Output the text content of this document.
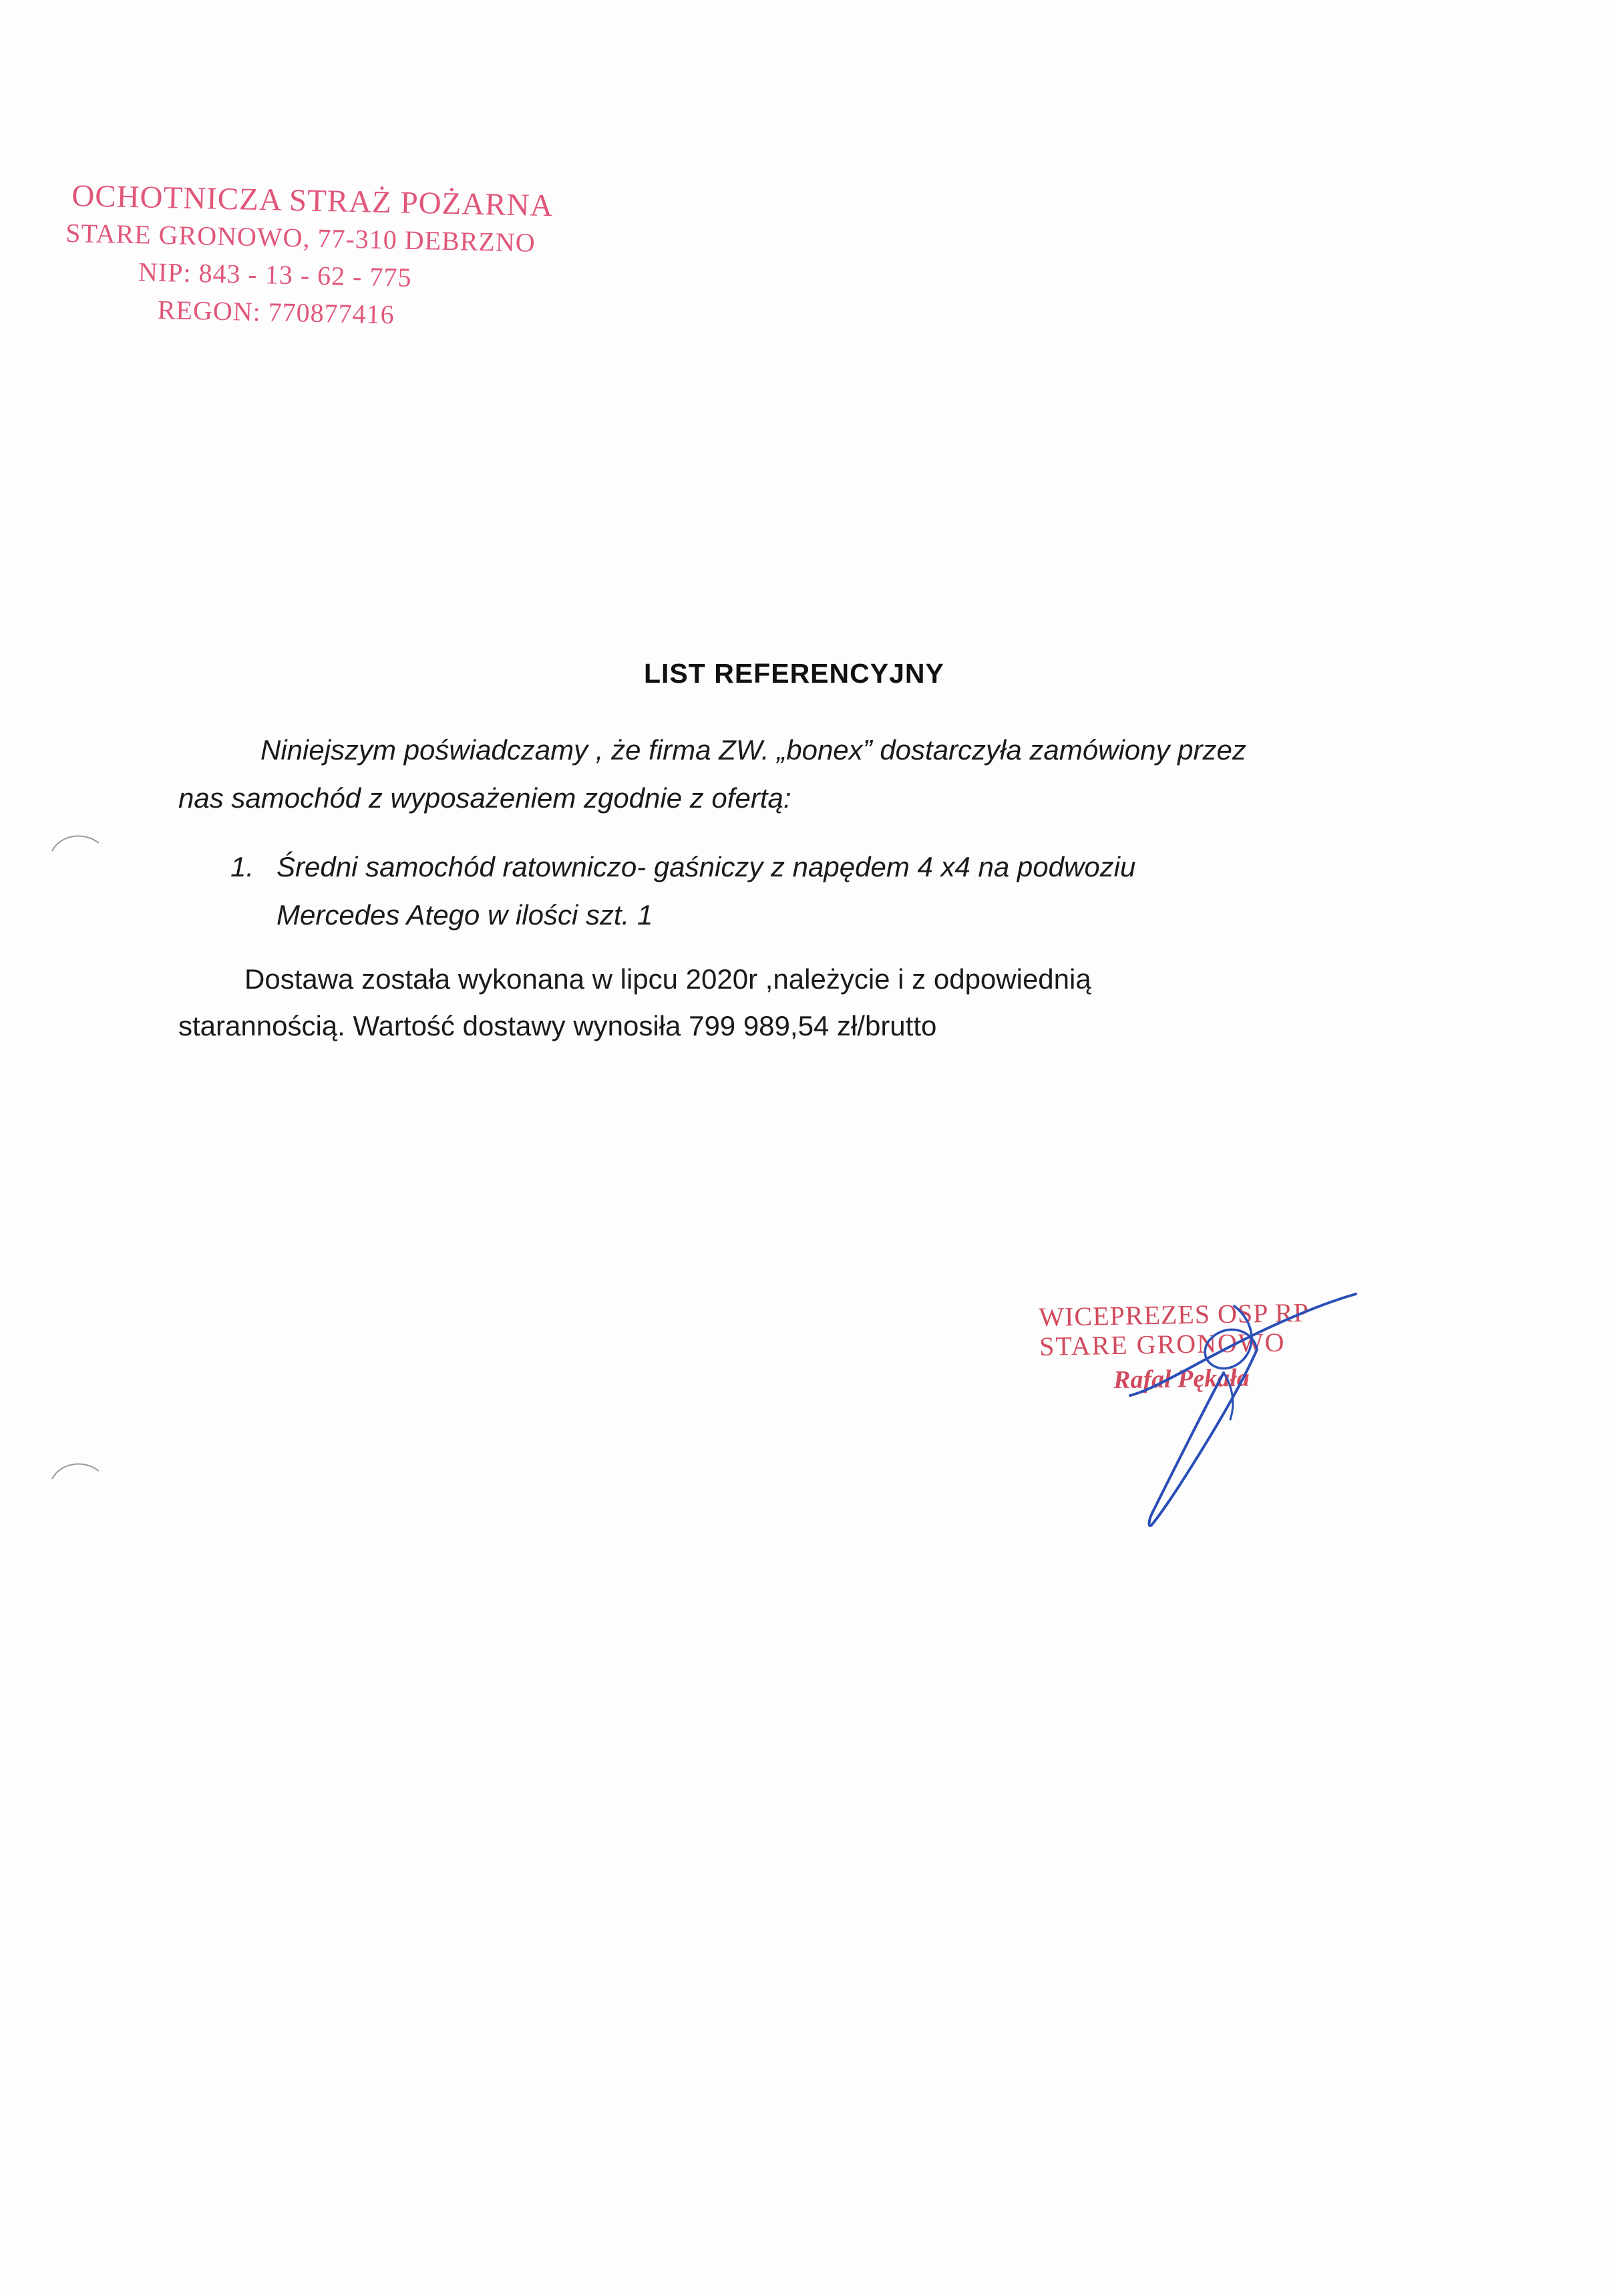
OCHOTNICZA STRAŻ POŻARNA
STARE GRONOWO, 77-310 DEBRZNO
NIP: 843 - 13 - 62 - 775
REGON: 770877416
LIST REFERENCYJNY
Niniejszym poświadczamy , że firma ZW. „bonex” dostarczyła zamówiony przez
nas samochód z wyposażeniem zgodnie z ofertą:
1. Średni samochód ratowniczo- gaśniczy z napędem 4 x4 na podwoziu
Mercedes Atego w ilości szt. 1
Dostawa została wykonana w lipcu 2020r ,należycie i z odpowiednią
starannością. Wartość dostawy wynosiła 799 989,54 zł/brutto
WICEPREZES OSP RP
STARE GRONOWO
Rafał Pękała
